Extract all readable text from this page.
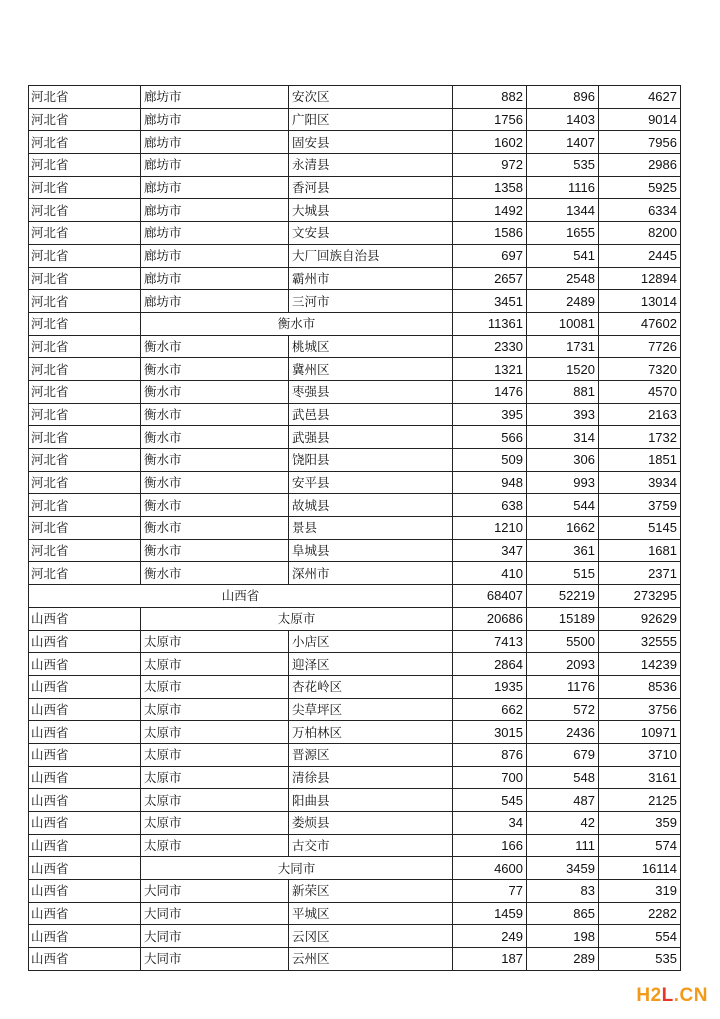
河北省	廊坊市	安次区	882	896	4627
河北省	廊坊市	广阳区	1756	1403	9014
河北省	廊坊市	固安县	1602	1407	7956
河北省	廊坊市	永清县	972	535	2986
河北省	廊坊市	香河县	1358	1116	5925
河北省	廊坊市	大城县	1492	1344	6334
河北省	廊坊市	文安县	1586	1655	8200
河北省	廊坊市	大厂回族自治县	697	541	2445
河北省	廊坊市	霸州市	2657	2548	12894
河北省	廊坊市	三河市	3451	2489	13014
河北省	衡水市		11361	10081	47602
河北省	衡水市	桃城区	2330	1731	7726
河北省	衡水市	冀州区	1321	1520	7320
河北省	衡水市	枣强县	1476	881	4570
河北省	衡水市	武邑县	395	393	2163
河北省	衡水市	武强县	566	314	1732
河北省	衡水市	饶阳县	509	306	1851
河北省	衡水市	安平县	948	993	3934
河北省	衡水市	故城县	638	544	3759
河北省	衡水市	景县	1210	1662	5145
河北省	衡水市	阜城县	347	361	1681
河北省	衡水市	深州市	410	515	2371
山西省			68407	52219	273295
山西省	太原市		20686	15189	92629
山西省	太原市	小店区	7413	5500	32555
山西省	太原市	迎泽区	2864	2093	14239
山西省	太原市	杏花岭区	1935	1176	8536
山西省	太原市	尖草坪区	662	572	3756
山西省	太原市	万柏林区	3015	2436	10971
山西省	太原市	晋源区	876	679	3710
山西省	太原市	清徐县	700	548	3161
山西省	太原市	阳曲县	545	487	2125
山西省	太原市	娄烦县	34	42	359
山西省	太原市	古交市	166	111	574
山西省	大同市		4600	3459	16114
山西省	大同市	新荣区	77	83	319
山西省	大同市	平城区	1459	865	2282
山西省	大同市	云冈区	249	198	554
山西省	大同市	云州区	187	289	535
H2L.CN
